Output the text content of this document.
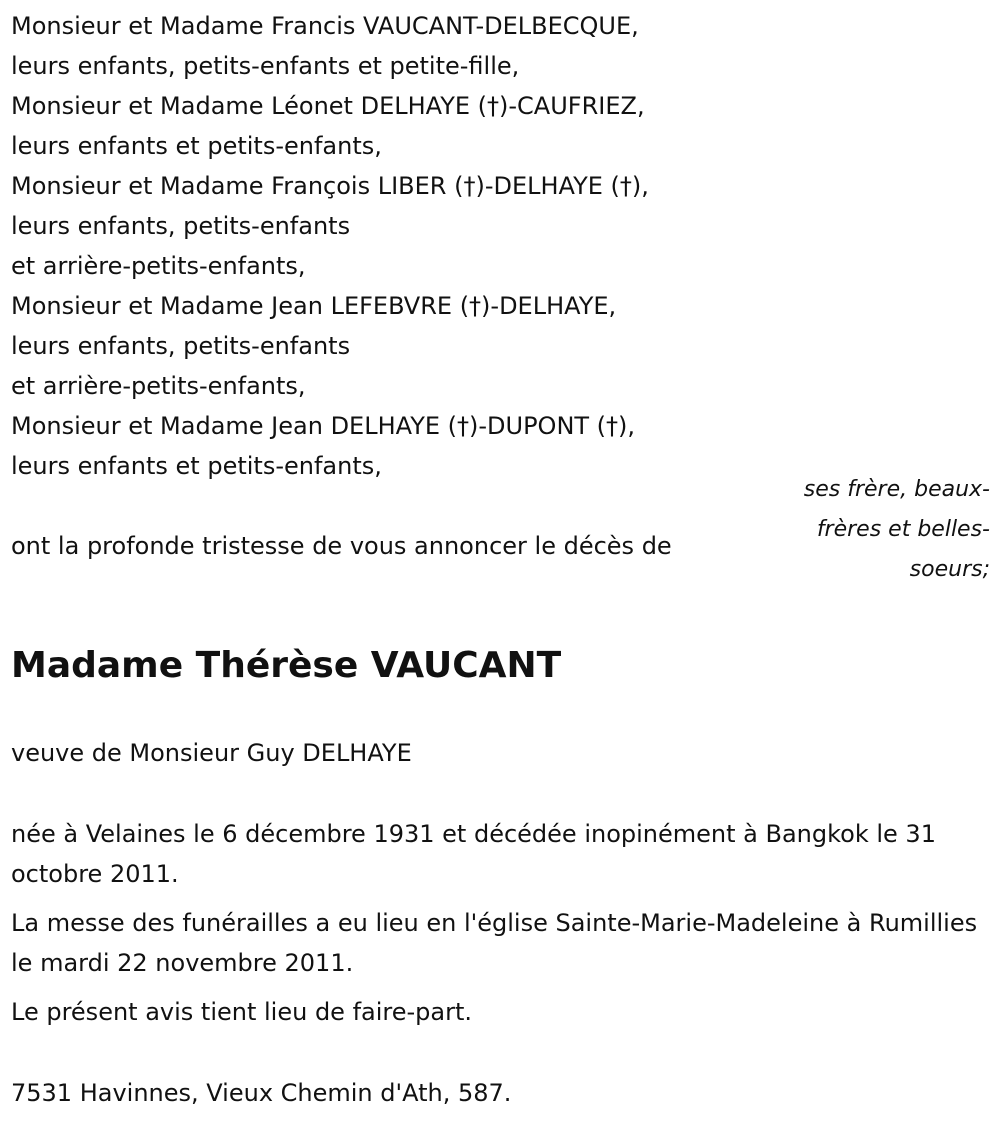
Monsieur et Madame Francis VAUCANT-DELBECQUE,

leurs enfants, petits-enfants et petite-fille,

Monsieur et Madame Léonet DELHAYE (†)-CAUFRIEZ,

leurs enfants et petits-enfants,

Monsieur et Madame François LIBER (†)-DELHAYE (†),

leurs enfants, petits-enfants

et arrière-petits-enfants,

Monsieur et Madame Jean LEFEBVRE (†)-DELHAYE,

leurs enfants, petits-enfants

et arrière-petits-enfants,

Monsieur et Madame Jean DELHAYE (†)-DUPONT (†),

leurs enfants et petits-enfants,

ses frère, beaux-frères et belles-soeurs;

ont la profonde tristesse de vous annoncer le décès de

Madame Thérèse VAUCANT

veuve de Monsieur Guy DELHAYE

née à Velaines le 6 décembre 1931 et décédée inopinément à Bangkok le 31 octobre 2011.

La messe des funérailles a eu lieu en l'église Sainte-Marie-Madeleine à Rumillies le mardi 22 novembre 2011.

Le présent avis tient lieu de faire-part.

7531 Havinnes, Vieux Chemin d'Ath, 587.
